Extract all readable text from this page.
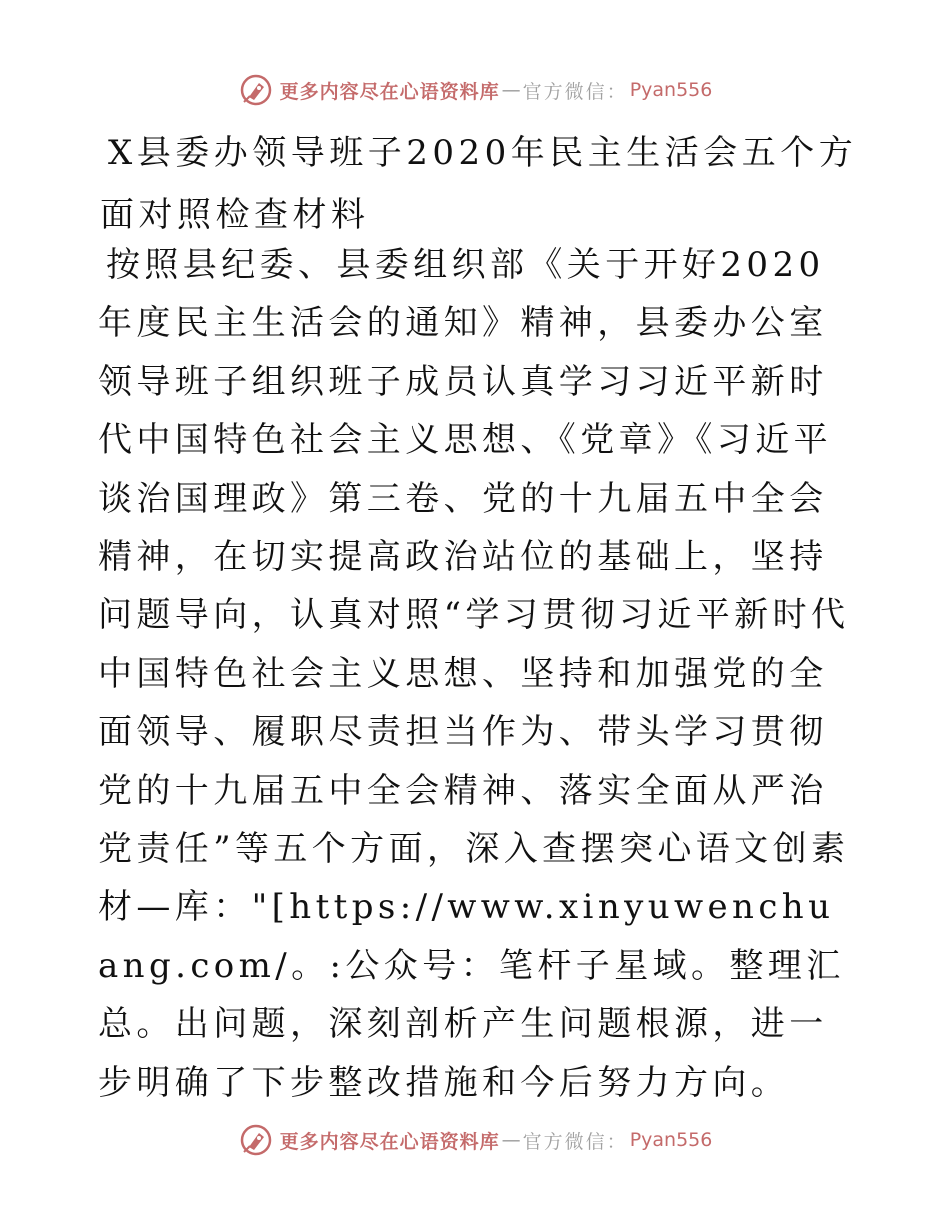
更多内容尽在心语资料库 — 官方微信： Pyan556
X县委办领导班子2020年民主生活会五个方面对照检查材料

按照县纪委、县委组织部《关于开好2020年度民主生活会的通知》精神，县委办公室领导班子组织班子成员认真学习习近平新时代中国特色社会主义思想、《党章》《习近平谈治国理政》第三卷、党的十九届五中全会精神，在切实提高政治站位的基础上，坚持问题导向，认真对照“学习贯彻习近平新时代中国特色社会主义思想、坚持和加强党的全面领导、履职尽责担当作为、带头学习贯彻党的十九届五中全会精神、落实全面从严治党责任”等五个方面，深入查摆突心语文创素材—库："[https://www.xinyuwenchuang.com/。:公众号：笔杆子星域。整理汇总。出问题，深刻剖析产生问题根源，进一步明确了下步整改措施和今后努力方向。

更多内容尽在心语资料库 — 官方微信： Pyan556
